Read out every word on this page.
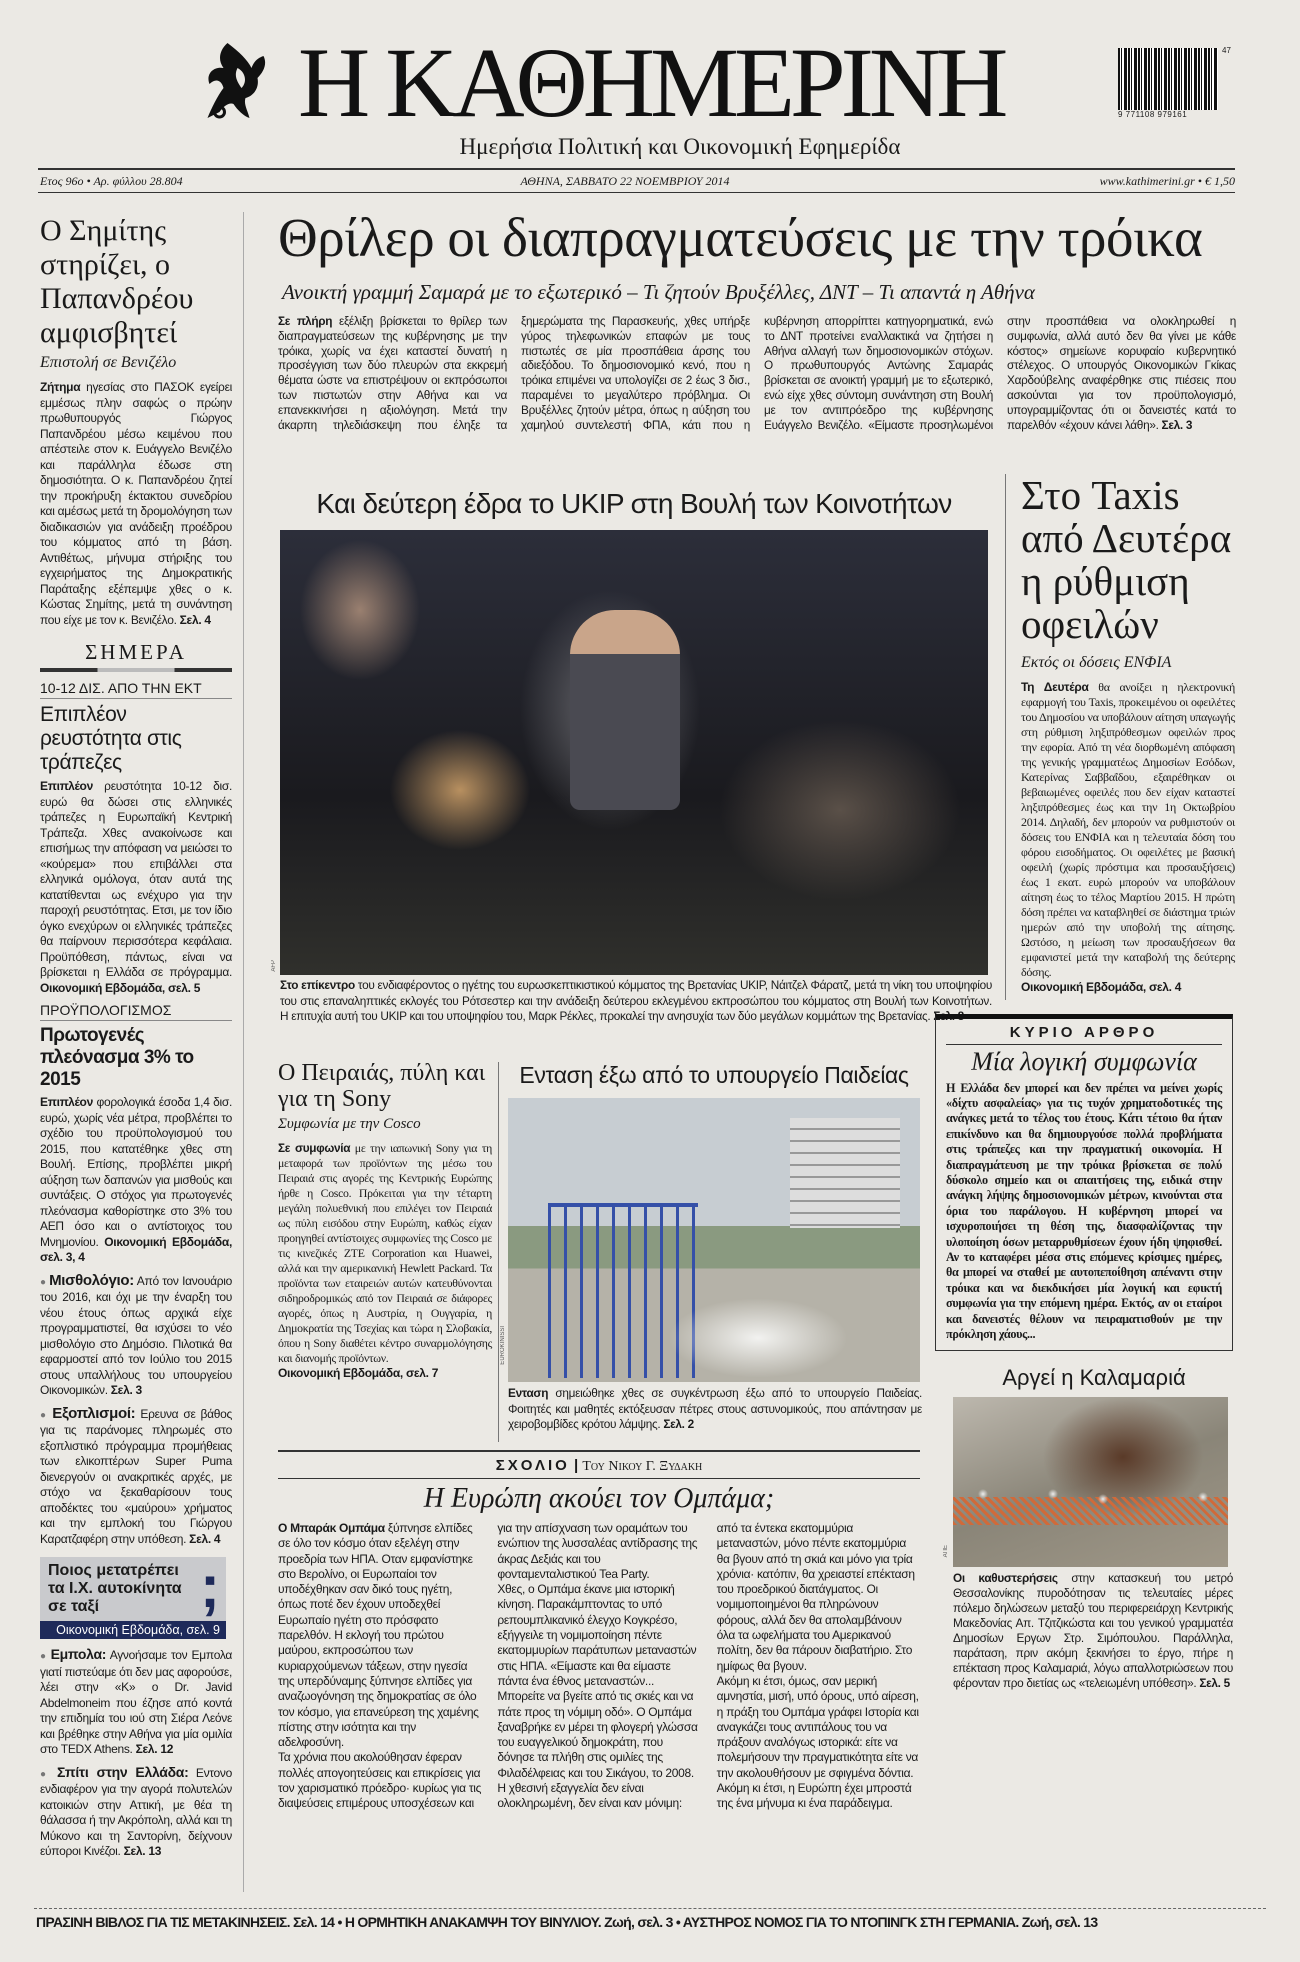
Η ΚΑΘΗΜΕΡΙΝΗ	9 771108 979161
47
Ημερήσια Πολιτική και Οικονομική Εφημερίδα
Ετος 96ο • Αρ. φύλλου 28.804	ΑΘΗΝΑ, ΣΑΒΒΑΤΟ 22 ΝΟΕΜΒΡΙΟΥ 2014	www.kathimerini.gr • € 1,50
Ο Σημίτης στηρίζει, ο Παπανδρέου αμφισβητεί
Επιστολή σε Βενιζέλο

Ζήτημα ηγεσίας στο ΠΑΣΟΚ εγείρει εμμέσως πλην σαφώς ο πρώην πρωθυπουργός Γιώργος Παπανδρέου μέσω κειμένου που απέστειλε στον κ. Ευάγγελο Βενιζέλο και παράλληλα έδωσε στη δημοσιότητα. Ο κ. Παπανδρέου ζητεί την προκήρυξη έκτακτου συνεδρίου και αμέσως μετά τη δρομολόγηση των διαδικασιών για ανάδειξη προέδρου του κόμματος από τη βάση. Αντιθέτως, μήνυμα στήριξης του εγχειρήματος της Δημοκρατικής Παράταξης εξέπεμψε χθες ο κ. Κώστας Σημίτης, μετά τη συνάντηση που είχε με τον κ. Βενιζέλο. Σελ. 4

ΣΗΜΕΡΑ
10-12 ΔΙΣ. ΑΠΟ ΤΗΝ ΕΚΤ
Επιπλέον ρευστότητα στις τράπεζες

Επιπλέον ρευστότητα 10-12 δισ. ευρώ θα δώσει στις ελληνικές τράπεζες η Ευρωπαϊκή Κεντρική Τράπεζα. Χθες ανακοίνωσε και επισήμως την απόφαση να μειώσει το «κούρεμα» που επιβάλλει στα ελληνικά ομόλογα, όταν αυτά της κατατίθενται ως ενέχυρο για την παροχή ρευστότητας. Ετσι, με τον ίδιο όγκο ενεχύρων οι ελληνικές τράπεζες θα παίρνουν περισσότερα κεφάλαια. Προϋπόθεση, πάντως, είναι να βρίσκεται η Ελλάδα σε πρόγραμμα. Οικονομική Εβδομάδα, σελ. 5

ΠΡΟΫΠΟΛΟΓΙΣΜΟΣ
Πρωτογενές πλεόνασμα 3% το 2015

Επιπλέον φορολογικά έσοδα 1,4 δισ. ευρώ, χωρίς νέα μέτρα, προβλέπει το σχέδιο του προϋπολογισμού του 2015, που κατατέθηκε χθες στη Βουλή. Επίσης, προβλέπει μικρή αύξηση των δαπανών για μισθούς και συντάξεις. Ο στόχος για πρωτογενές πλεόνασμα καθορίστηκε στο 3% του ΑΕΠ όσο και ο αντίστοιχος του Μνημονίου. Οικονομική Εβδομάδα, σελ. 3, 4

● Μισθολόγιο: Από τον Ιανουάριο του 2016, και όχι με την έναρξη του νέου έτους όπως αρχικά είχε προγραμματιστεί, θα ισχύσει το νέο μισθολόγιο στο Δημόσιο. Πιλοτικά θα εφαρμοστεί από τον Ιούλιο του 2015 στους υπαλλήλους του υπουργείου Οικονομικών. Σελ. 3

● Εξοπλισμοί: Ερευνα σε βάθος για τις παράνομες πληρωμές στο εξοπλιστικό πρόγραμμα προμήθειας των ελικοπτέρων Super Puma διενεργούν οι ανακριτικές αρχές, με στόχο να ξεκαθαρίσουν τους αποδέκτες του «μαύρου» χρήματος και την εμπλοκή του Γιώργου Καρατζαφέρη στην υπόθεση. Σελ. 4

Ποιος μετατρέπει τα Ι.Χ. αυτοκίνητα σε ταξί	;
Οικονομική Εβδομάδα, σελ. 9

● Εμπολα: Αγνοήσαμε τον Εμπολα γιατί πιστεύαμε ότι δεν μας αφορούσε, λέει στην «Κ» ο Dr. Javid Abdelmoneim που έζησε από κοντά την επιδημία του ιού στη Σιέρα Λεόνε και βρέθηκε στην Αθήνα για μία ομιλία στο TEDX Athens. Σελ. 12

● Σπίτι στην Ελλάδα: Εντονο ενδιαφέρον για την αγορά πολυτελών κατοικιών στην Αττική, με θέα τη θάλασσα ή την Ακρόπολη, αλλά και τη Μύκονο και τη Σαντορίνη, δείχνουν εύποροι Κινέζοι. Σελ. 13

Θρίλερ οι διαπραγματεύσεις με την τρόικα
Ανοικτή γραμμή Σαμαρά με το εξωτερικό – Τι ζητούν Βρυξέλλες, ΔΝΤ – Τι απαντά η Αθήνα
Σε πλήρη εξέλιξη βρίσκεται το θρίλερ των διαπραγματεύσεων της κυβέρνησης με την τρόικα, χωρίς να έχει καταστεί δυνατή η προσέγγιση των δύο πλευρών στα εκκρεμή θέματα ώστε να επιστρέψουν οι εκπρόσωποι των πιστωτών στην Αθήνα και να επανεκκινήσει η αξιολόγηση. Μετά την άκαρπη τηλεδιάσκεψη που έληξε τα ξημερώματα της Παρασκευής, χθες υπήρξε γύρος τηλεφωνικών επαφών με τους πιστωτές σε μία προσπάθεια άρσης του αδιεξόδου. Το δημοσιονομικό κενό, που η τρόικα επιμένει να υπολογίζει σε 2 έως 3 δισ., παραμένει το μεγαλύτερο πρόβλημα. Οι Βρυξέλλες ζητούν μέτρα, όπως η αύξηση του χαμηλού συντελεστή ΦΠΑ, κάτι που η κυβέρνηση απορρίπτει κατηγορηματικά, ενώ το ΔΝΤ προτείνει εναλλακτικά να ζητήσει η Αθήνα αλλαγή των δημοσιονομικών στόχων. Ο πρωθυπουργός Αντώνης Σαμαράς βρίσκεται σε ανοικτή γραμμή με το εξωτερικό, ενώ είχε χθες σύντομη συνάντηση στη Βουλή με τον αντιπρόεδρο της κυβέρνησης Ευάγγελο Βενιζέλο. «Είμαστε προσηλωμένοι στην προσπάθεια να ολοκληρωθεί η συμφωνία, αλλά αυτό δεν θα γίνει με κάθε κόστος» σημείωνε κορυφαίο κυβερνητικό στέλεχος. Ο υπουργός Οικονομικών Γκίκας Χαρδούβελης αναφέρθηκε στις πιέσεις που ασκούνται για τον προϋπολογισμό, υπογραμμίζοντας ότι οι δανειστές κατά το παρελθόν «έχουν κάνει λάθη». Σελ. 3
Και δεύτερη έδρα το UKIP στη Βουλή των Κοινοτήτων
AFP
Στο επίκεντρο του ενδιαφέροντος ο ηγέτης του ευρωσκεπτικιστικού κόμματος της Βρετανίας UKIP, Νάιτζελ Φάρατζ, μετά τη νίκη του υποψηφίου του στις επαναληπτικές εκλογές του Ρότσεστερ και την ανάδειξη δεύτερου εκλεγμένου εκπροσώπου του κόμματος στη Βουλή των Κοινοτήτων. Η επιτυχία αυτή του UKIP και του υποψηφίου του, Μαρκ Ρέκλες, προκαλεί την ανησυχία των δύο μεγάλων κομμάτων της Βρετανίας. Σελ. 8
Στο Taxis από Δευτέρα η ρύθμιση οφειλών
Εκτός οι δόσεις ΕΝΦΙΑ

Τη Δευτέρα θα ανοίξει η ηλεκτρονική εφαρμογή του Taxis, προκειμένου οι οφειλέτες του Δημοσίου να υποβάλουν αίτηση υπαγωγής στη ρύθμιση ληξιπρόθεσμων οφειλών προς την εφορία. Από τη νέα διορθωμένη απόφαση της γενικής γραμματέως Δημοσίων Εσόδων, Κατερίνας Σαββαΐδου, εξαιρέθηκαν οι βεβαιωμένες οφειλές που δεν είχαν καταστεί ληξιπρόθεσμες έως και την 1η Οκτωβρίου 2014. Δηλαδή, δεν μπορούν να ρυθμιστούν οι δόσεις του ΕΝΦΙΑ και η τελευταία δόση του φόρου εισοδήματος. Οι οφειλέτες με βασική οφειλή (χωρίς πρόστιμα και προσαυξήσεις) έως 1 εκατ. ευρώ μπορούν να υποβάλουν αίτηση έως το τέλος Μαρτίου 2015. Η πρώτη δόση πρέπει να καταβληθεί σε διάστημα τριών ημερών από την υποβολή της αίτησης. Ωστόσο, η μείωση των προσαυξήσεων θα εμφανιστεί μετά την καταβολή της δεύτερης δόσης.

Οικονομική Εβδομάδα, σελ. 4
ΚΥΡΙΟ ΑΡΘΡΟ
Μία λογική συμφωνία

Η Ελλάδα δεν μπορεί και δεν πρέπει να μείνει χωρίς «δίχτυ ασφαλείας» για τις τυχόν χρηματοδοτικές της ανάγκες μετά το τέλος του έτους. Κάτι τέτοιο θα ήταν επικίνδυνο και θα δημιουργούσε πολλά προβλήματα στις τράπεζες και την πραγματική οικονομία. Η διαπραγμάτευση με την τρόικα βρίσκεται σε πολύ δύσκολο σημείο και οι απαιτήσεις της, ειδικά στην ανάγκη λήψης δημοσιονομικών μέτρων, κινούνται στα όρια του παράλογου. Η κυβέρνηση μπορεί να ισχυροποιήσει τη θέση της, διασφαλίζοντας την υλοποίηση όσων μεταρρυθμίσεων έχουν ήδη ψηφισθεί. Αν το καταφέρει μέσα στις επόμενες κρίσιμες ημέρες, θα μπορεί να σταθεί με αυτοπεποίθηση απέναντι στην τρόικα και να διεκδικήσει μία λογική και εφικτή συμφωνία για την επόμενη ημέρα. Εκτός, αν οι εταίροι και δανειστές θέλουν να πειραματισθούν με την πρόκληση χάους...

Αργεί η Καλαμαριά
ΑΠΕ

Οι καθυστερήσεις στην κατασκευή του μετρό Θεσσαλονίκης πυροδότησαν τις τελευταίες μέρες πόλεμο δηλώσεων μεταξύ του περιφερειάρχη Κεντρικής Μακεδονίας Απ. Τζιτζικώστα και του γενικού γραμματέα Δημοσίων Εργων Στρ. Σιμόπουλου. Παράλληλα, παράταση, πριν ακόμη ξεκινήσει το έργο, πήρε η επέκταση προς Καλαμαριά, λόγω απαλλοτριώσεων που φέρονταν προ διετίας ως «τελειωμένη υπόθεση». Σελ. 5

Ο Πειραιάς, πύλη και για τη Sony
Συμφωνία με την Cosco

Σε συμφωνία με την ιαπωνική Sony για τη μεταφορά των προϊόντων της μέσω του Πειραιά στις αγορές της Κεντρικής Ευρώπης ήρθε η Cosco. Πρόκειται για την τέταρτη μεγάλη πολυεθνική που επιλέγει τον Πειραιά ως πύλη εισόδου στην Ευρώπη, καθώς είχαν προηγηθεί αντίστοιχες συμφωνίες της Cosco με τις κινεζικές ΖΤΕ Corporation και Huawei, αλλά και την αμερικανική Hewlett Packard. Τα προϊόντα των εταιρειών αυτών κατευθύνονται σιδηροδρομικώς από τον Πειραιά σε διάφορες αγορές, όπως η Αυστρία, η Ουγγαρία, η Δημοκρατία της Τσεχίας και τώρα η Σλοβακία, όπου η Sony διαθέτει κέντρο συναρμολόγησης και διανομής προϊόντων.

Οικονομική Εβδομάδα, σελ. 7
Ενταση έξω από το υπουργείο Παιδείας
EUROKINISSI
Ενταση σημειώθηκε χθες σε συγκέντρωση έξω από το υπουργείο Παιδείας. Φοιτητές και μαθητές εκτόξευσαν πέτρες στους αστυνομικούς, που απάντησαν με χειροβομβίδες κρότου λάμψης. Σελ. 2
ΣΧΟΛΙΟ | Του Νικου Γ. Ξυδακη
Η Ευρώπη ακούει τον Ομπάμα;

Ο Μπαράκ Ομπάμα ξύπνησε ελπίδες σε όλο τον κόσμο όταν εξελέγη στην προεδρία των ΗΠΑ. Οταν εμφανίστηκε στο Βερολίνο, οι Ευρωπαίοι τον υποδέχθηκαν σαν δικό τους ηγέτη, όπως ποτέ δεν έχουν υποδεχθεί Ευρωπαίο ηγέτη στο πρόσφατο παρελθόν. Η εκλογή του πρώτου μαύρου, εκπροσώπου των κυριαρχούμενων τάξεων, στην ηγεσία της υπερδύναμης ξύπνησε ελπίδες για αναζωογόνηση της δημοκρατίας σε όλο τον κόσμο, για επανεύρεση της χαμένης πίστης στην ισότητα και την αδελφοσύνη.

Τα χρόνια που ακολούθησαν έφεραν πολλές απογοητεύσεις και επικρίσεις για τον χαρισματικό πρόεδρο· κυρίως για τις διαψεύσεις επιμέρους υποσχέσεων και για την απίσχναση των οραμάτων του ενώπιον της λυσσαλέας αντίδρασης της άκρας Δεξιάς και του φονταμενταλιστικού Tea Party.

Χθες, ο Ομπάμα έκανε μια ιστορική κίνηση. Παρακάμπτοντας το υπό ρεπουμπλικανικό έλεγχο Κογκρέσο, εξήγγειλε τη νομιμοποίηση πέντε εκατομμυρίων παράτυπων μεταναστών στις ΗΠΑ. «Είμαστε και θα είμαστε πάντα ένα έθνος μεταναστών... Μπορείτε να βγείτε από τις σκιές και να πάτε προς τη νόμιμη οδό». Ο Ομπάμα ξαναβρήκε εν μέρει τη φλογερή γλώσσα του ευαγγελικού δημοκράτη, που δόνησε τα πλήθη στις ομιλίες της Φιλαδέλφειας και του Σικάγου, το 2008.

Η χθεσινή εξαγγελία δεν είναι ολοκληρωμένη, δεν είναι καν μόνιμη: από τα έντεκα εκατομμύρια μεταναστών, μόνο πέντε εκατομμύρια θα βγουν από τη σκιά και μόνο για τρία χρόνια· κατόπιν, θα χρειαστεί επέκταση του προεδρικού διατάγματος. Οι νομιμοποιημένοι θα πληρώνουν φόρους, αλλά δεν θα απολαμβάνουν όλα τα ωφελήματα του Αμερικανού πολίτη, δεν θα πάρουν διαβατήριο. Στο ημίφως θα βγουν.

Ακόμη κι έτσι, όμως, σαν μερική αμνηστία, μισή, υπό όρους, υπό αίρεση, η πράξη του Ομπάμα γράφει Ιστορία και αναγκάζει τους αντιπάλους του να πράξουν αναλόγως ιστορικά: είτε να πολεμήσουν την πραγματικότητα είτε να την ακολουθήσουν με σφιγμένα δόντια.

Ακόμη κι έτσι, η Ευρώπη έχει μπροστά της ένα μήνυμα κι ένα παράδειγμα.

ΠΡΑΣΙΝΗ ΒΙΒΛΟΣ ΓΙΑ ΤΙΣ ΜΕΤΑΚΙΝΗΣΕΙΣ. Σελ. 14 • Η ΟΡΜΗΤΙΚΗ ΑΝΑΚΑΜΨΗ ΤΟΥ ΒΙΝΥΛΙΟΥ. Ζωή, σελ. 3 • ΑΥΣΤΗΡΟΣ ΝΟΜΟΣ ΓΙΑ ΤΟ ΝΤΟΠΙΝΓΚ ΣΤΗ ΓΕΡΜΑΝΙΑ. Ζωή, σελ. 13
